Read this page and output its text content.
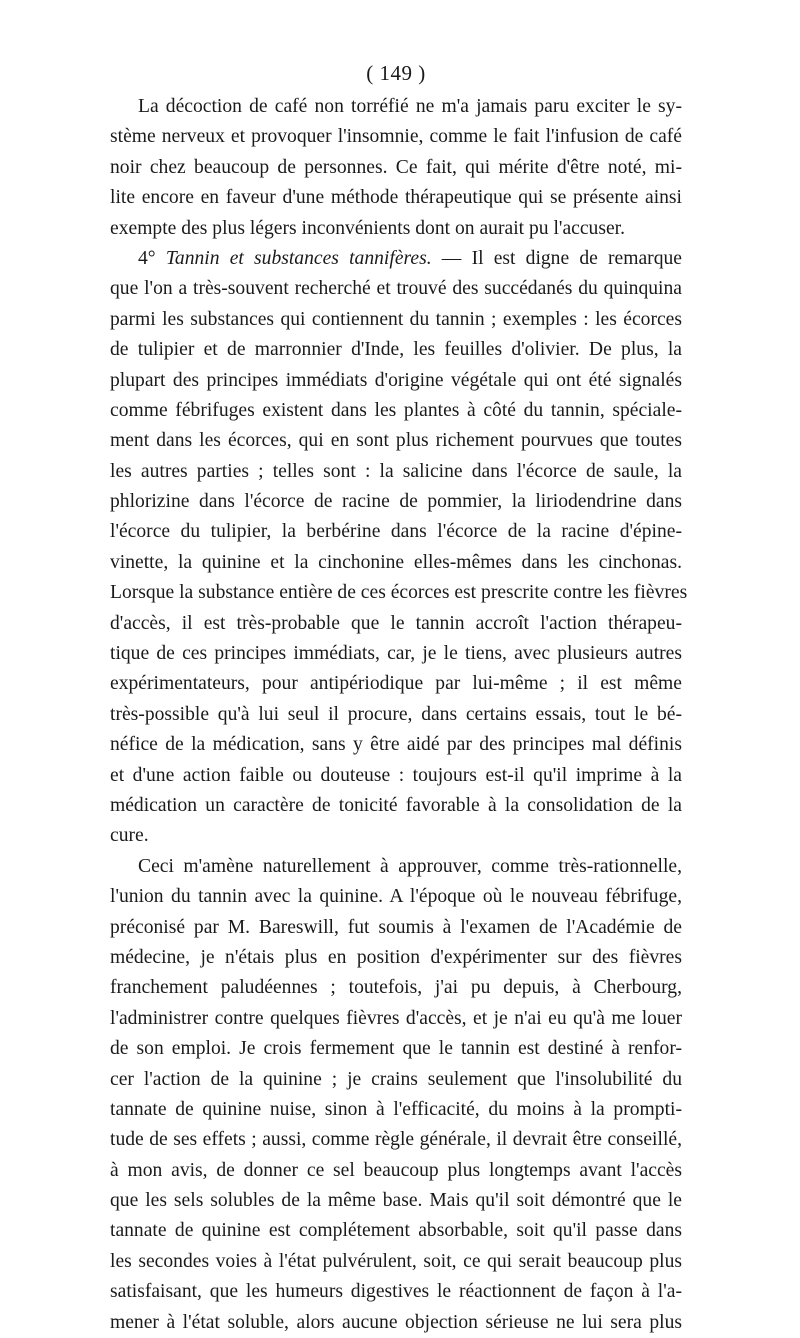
( 149 )
La décoction de café non torréfié ne m'a jamais paru exciter le sy-
stème nerveux et provoquer l'insomnie, comme le fait l'infusion de café
noir chez beaucoup de personnes. Ce fait, qui mérite d'être noté, mi-
lite encore en faveur d'une méthode thérapeutique qui se présente ainsi
exempte des plus légers inconvénients dont on aurait pu l'accuser.
4° Tannin et substances tannifères. — Il est digne de remarque
que l'on a très-souvent recherché et trouvé des succédanés du quinquina
parmi les substances qui contiennent du tannin ; exemples : les écorces
de tulipier et de marronnier d'Inde, les feuilles d'olivier. De plus, la
plupart des principes immédiats d'origine végétale qui ont été signalés
comme fébrifuges existent dans les plantes à côté du tannin, spéciale-
ment dans les écorces, qui en sont plus richement pourvues que toutes
les autres parties ; telles sont : la salicine dans l'écorce de saule, la
phlorizine dans l'écorce de racine de pommier, la liriodendrine dans
l'écorce du tulipier, la berbérine dans l'écorce de la racine d'épine-
vinette, la quinine et la cinchonine elles-mêmes dans les cinchonas.
Lorsque la substance entière de ces écorces est prescrite contre les fièvres
d'accès, il est très-probable que le tannin accroît l'action thérapeu-
tique de ces principes immédiats, car, je le tiens, avec plusieurs autres
expérimentateurs, pour antipériodique par lui-même ; il est même
très-possible qu'à lui seul il procure, dans certains essais, tout le bé-
néfice de la médication, sans y être aidé par des principes mal définis
et d'une action faible ou douteuse : toujours est-il qu'il imprime à la
médication un caractère de tonicité favorable à la consolidation de la
cure.
Ceci m'amène naturellement à approuver, comme très-rationnelle,
l'union du tannin avec la quinine. A l'époque où le nouveau fébrifuge,
préconisé par M. Bareswill, fut soumis à l'examen de l'Académie de
médecine, je n'étais plus en position d'expérimenter sur des fièvres
franchement paludéennes ; toutefois, j'ai pu depuis, à Cherbourg,
l'administrer contre quelques fièvres d'accès, et je n'ai eu qu'à me louer
de son emploi. Je crois fermement que le tannin est destiné à renfor-
cer l'action de la quinine ; je crains seulement que l'insolubilité du
tannate de quinine nuise, sinon à l'efficacité, du moins à la prompti-
tude de ses effets ; aussi, comme règle générale, il devrait être conseillé,
à mon avis, de donner ce sel beaucoup plus longtemps avant l'accès
que les sels solubles de la même base. Mais qu'il soit démontré que le
tannate de quinine est complétement absorbable, soit qu'il passe dans
les secondes voies à l'état pulvérulent, soit, ce qui serait beaucoup plus
satisfaisant, que les humeurs digestives le réactionnent de façon à l'a-
mener à l'état soluble, alors aucune objection sérieuse ne lui sera plus
